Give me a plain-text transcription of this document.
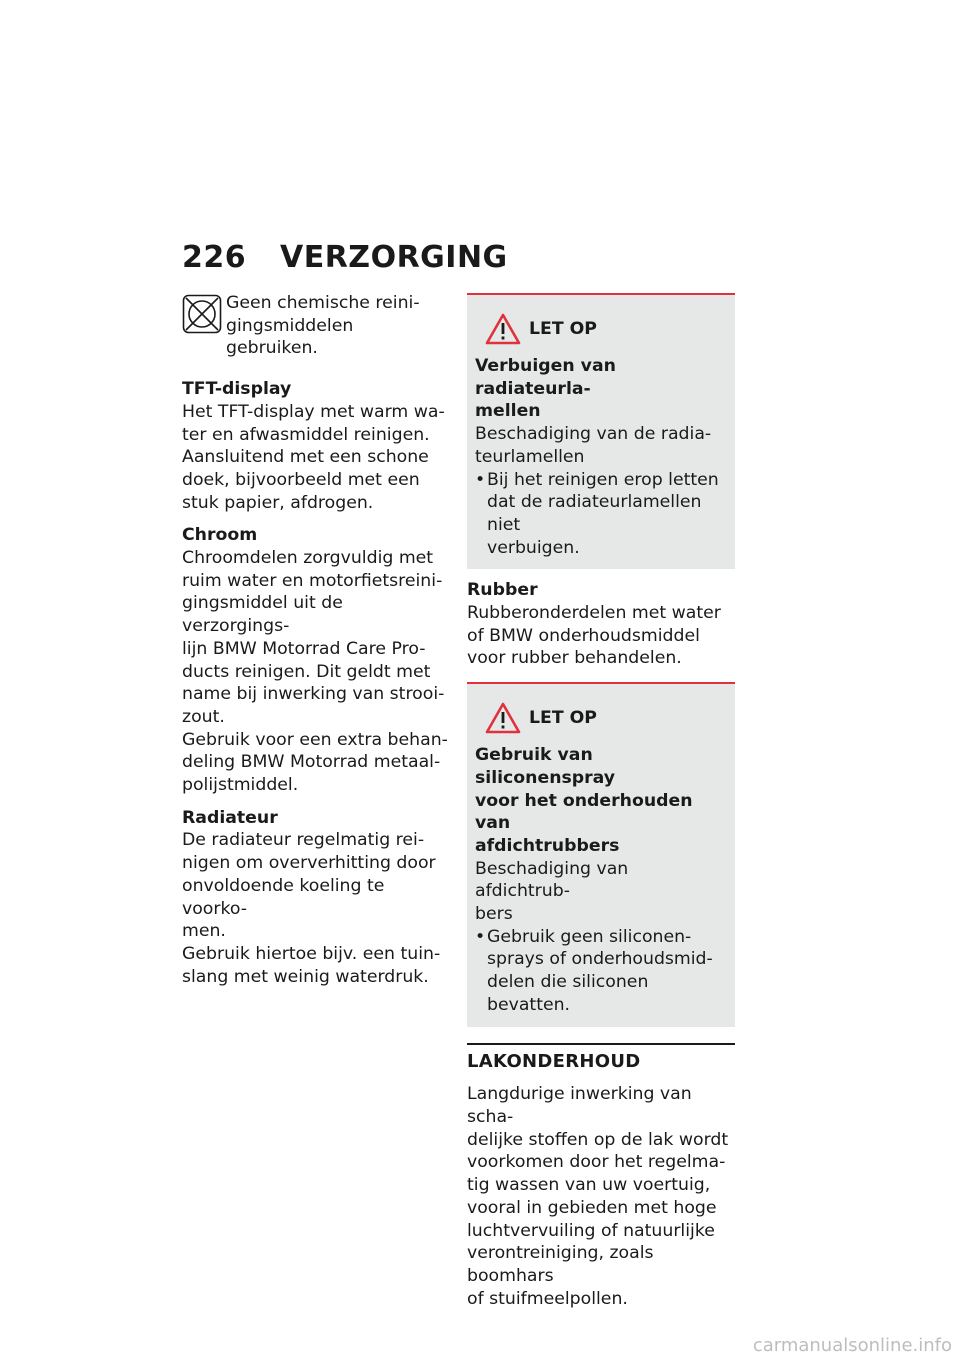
226 VERZORGING

Geen chemische reini-

gingsmiddelen gebruiken.

TFT-display

Het TFT-display met warm wa-

ter en afwasmiddel reinigen.

Aansluitend met een schone

doek, bijvoorbeeld met een

stuk papier, afdrogen.

Chroom

Chroomdelen zorgvuldig met

ruim water en motorfietsreini-

gingsmiddel uit de verzorgings-

lijn BMW Motorrad Care Pro-

ducts reinigen. Dit geldt met

name bij inwerking van strooi-

zout.

Gebruik voor een extra behan-

deling BMW Motorrad metaal-

polijstmiddel.

Radiateur

De radiateur regelmatig rei-

nigen om oververhitting door

onvoldoende koeling te voorko-

men.

Gebruik hiertoe bijv. een tuin-

slang met weinig waterdruk.

LET OP

Verbuigen van radiateurla-

mellen

Beschadiging van de radia-

teurlamellen

• Bij het reinigen erop letten

dat de radiateurlamellen niet

verbuigen.

Rubber

Rubberonderdelen met water

of BMW onderhoudsmiddel

voor rubber behandelen.

LET OP

Gebruik van siliconenspray

voor het onderhouden van

afdichtrubbers

Beschadiging van afdichtrub-

bers

• Gebruik geen siliconen-

sprays of onderhoudsmid-

delen die siliconen bevatten.

LAKONDERHOUD

Langdurige inwerking van scha-

delijke stoffen op de lak wordt

voorkomen door het regelma-

tig wassen van uw voertuig,

vooral in gebieden met hoge

luchtvervuiling of natuurlijke

verontreiniging, zoals boomhars

of stuifmeelpollen.

carmanualsonline.info
